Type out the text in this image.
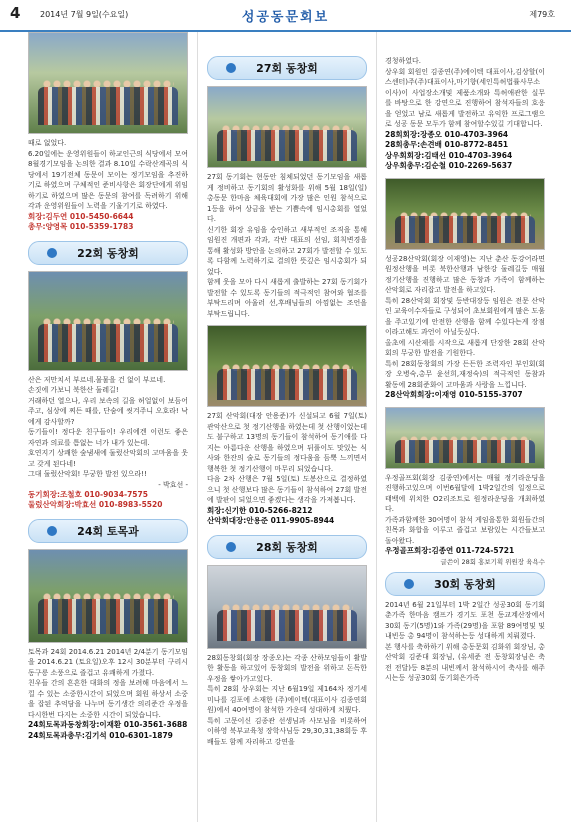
4 2014년 7월 9일(수요일)	성공동문회보	제79호
때로 없었다.
6.20일에는 운영위원들이 하교인근의 식당에서 모여 8월경기모임을 논의한 결과 8.10일 수락산계곡의 식당에서 19기전체 동문이 모이는 정기모임을 추진하기로 하였으며 구체적인 준비사항은 회장단에게 위임하기로 하였으며 많은 동문의 참여를 독려하기 위해 각과 운영위원들이 노력을 기울기기로 하였다.
회장:김두연 010-5450-6644
총무:양영목 010-5359-1783
22회 동창회
산은 저만치서 부르네.물물을 건 없이 부르네.
손짓에 가보니 북한산 둘레길!
거래하던 열으나, 우리 보속의 길을 허얼없이 보듬어 주고, 심상에 찌든 때를, 단숨에 씻겨주니 오호라! 낙에게 감사할까?
동기들이! 정다운 친구들이! 우리에겐 이런도 좋은 자연과 의료를 틈없는 너가 내가 있는데.
호연지기 상쾌한 숲냄새에 둘렀산악회의 고마움을 웃고 갖게 된다네!
그대 둘렀산악회! 무궁한 발전 있으라!!
- 박효선 -
동기회장:조철호 010-9034-7575
둘렀산악회장:박효선 010-8983-5520
24회 토목과
토목과 24회 2014.6.21 2014년 2/4분기 동기모임을 2014.6.21 (토요일)오후 12시 30분부터 구리시 동구릉 소풍으로 즐겁고 유쾌하게 가졌다.
친우들 간의 흔흔한 대화의 정을 보려해 마음에서 느낄 수 있는 소중한시간이 되었으며 회원 하상서 소중을 잡된 추억담을 나누며 동기생간 의리준간 우정을 다시한번 다지는 소중한 시간이 되었습니다.
24회토목과동창회장:이재환 010-3561-3688
24회토목과총무:김기석 010-6301-1879
27회 동창회
27회 동기회는 현동안 침체되었던 동기모임을 새롭게 정비하고 동기회의 활성화를 위해 5월 18일(일) 총동문 한마음 체육대회에 가장 많은 인원 참석으로 1등을 하여 상금을 받는 기쁨속에 임시총회를 열었다.
신기한 회장 유임을 승인하고 새부적인 조직을 통해 임원진 개편과 각과, 각반 대표의 선임, 회칙변경을 통해 활성화 방안을 논의하고 27회가 발전할 수 있도록 다함께 노력하기로 결의한 뜻깊은 임시총회가 되었다.
함께 웃을 모아 다시 새롭게 출발하는 27회 동기회가 발전할 수 있도록 동기들의 적극적인 참여와 협조를 부탁드리며 아울러 선,후배님들의 아낌없는 조언을 부탁드립니다.
27회 산악회(대장 안용준)가 신설되고 6월 7일(토) 관악산으로 첫 정기산행을 하였는데 첫 산행이었는데도 불구하고 13명의 동기들이 참석하여 동기애를 다지는 아름다운 산행을 하였으며 뒤풀이도 맛있는 식사와 한잔의 술로 동기들의 정다움을 듬뿍 느끼면서 행복한 첫 정기산행이 마무리 되었습니다.
다음 2차 산행은 7월 5일(토) 도봉산으로 결정하였으니 첫 산행보다 많은 동기들이 참석하여 27회 발전에 발판이 되었으면 좋겠다는 생각을 가져봅니다.
회장:신기한 010-5266-8212
산악회대장:안용준 011-9905-8944
28회 동창회
28회동창회(회장 장종오)는 각종 산하모임들이 활발한 활동을 하고있어 동창회의 발전을 위하고 돈독한 우정을 쌓아가고있다.
특히 28회 상우회는 지난 6월19일 제164차 정기세미나를 김포에 소재한 (주)에이텍(대표이사 김종연회원)에서 40여명이 참석한 가운데 성대하게 치뤘다.
특히 고문이신 김종관 선생님과 사모님을 비롯하여 이하영 북부교육청 장학사님등 29,30,31,38회등 후배들도 함께 자리하고 강연을
경청하였다.
상우회 회원인 김종연(주)에이텍 대표이사,김상할(이스센터)주(주)대표이사,마기향(세인특허법률사무소 이사)이 사업장소개및 제품소개와 특허애관한 실무를 바탕으로 한 강연으로 진행하여 참석자들의 호응을 얻었고 남로 새롭게 발전하고 유익한 프로그램으로 성공 동문 모두가 함께 참여할수있길 기대합니다.
28회회장:장종오 010-4703-3964
28회총무:손견배 010-8772-8451
상우회회장:김태선 010-4703-3964
상우회총무:김순철 010-2269-5637
성공28산악회(회장 이재영)는 지난 춘산 동강어라면 원정산행을 비롯 북한산행과 남한강 둘레길등 매월 정기산행을 진행하고 많은 동창과 가족이 함께하는 산악회로 자리잡고 발전을 하고있다.
특히 28산악회 회장및 등반대장등 임원은 전문 산악인 교육이수자들로 구성되어 초보회원에게 많은 도움을 주고있기에 안전한 산행을 함께 수있다는게 장점이라고해도 과언이 아닐듯싶다.
올초에 시산제를 시작으로 새롭게 단장한 28회 산악회의 무궁한 발전을 기원한다.
특히 28회동창회의 가장 든든한 조력자인 부인회(회장 오병숙,총무 윤선희,재정숙)의 적극적인 동참과 활동에 28회준화이 고마움과 사랑을 느낍니다.
28산악회회장:이재영 010-5155-3707
우정골프회(회장 김종연)에서는 매월 정기라운딩을 진행하고있으며 이번6월달에 1박2일간의 일정으로 태백에 위치한 O2리조트로 원정라운딩을 개최하였다.
가족과함께한 30여명이 참석 게임을통한 회원들간의 친목과 화합을 이루고 즐겁고 보람있는 시간들보고 돌아왔다.
우정골프회장:김종연 011-724-5721
글쓴이 28회 홍보기획 위원장 육욕수
30회 동창회
2014년 6월 21일부터 1박 2일간 성공30회 동기회 춘가족 한마음 캠프가 경기도 포천 동교계산장에서 30회 동기(5명)1와 가족(29명)을 포함 89여명및 및 내빈등 총 94명이 참석하는등 성대하게 치뤄졌다.
본 행사를 축하하기 위해 총동문회 김화위 회장님, 총산악회 김준대 회장님, (유세준 전 동창회장님은 축전 전달)등 8분의 내빈께서 참석하시어 축사를 해주시는등 성공30회 동기회은가족
